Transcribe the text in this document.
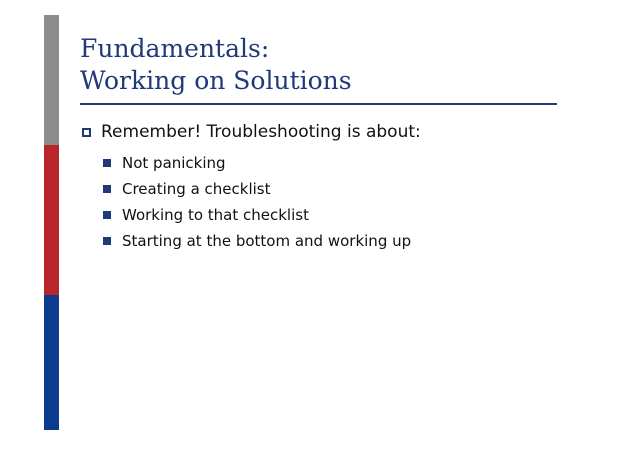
Fundamentals:
Working on Solutions
Remember! Troubleshooting is about:
Not panicking
Creating a checklist
Working to that checklist
Starting at the bottom and working up
